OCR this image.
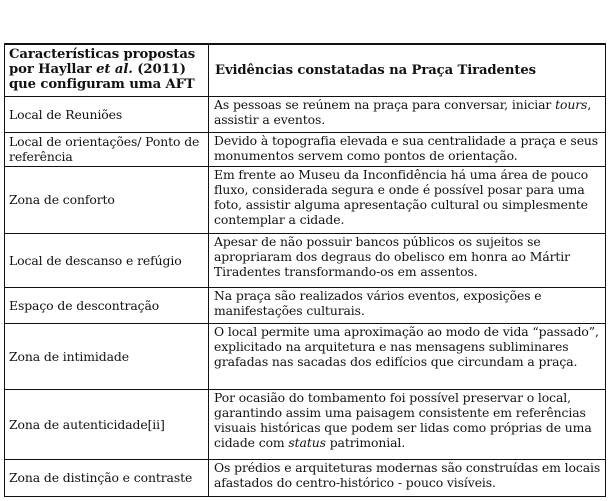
Características propostas
por Hayllar et al. (2011)
que configuram uma AFT	Evidências constatadas na Praça Tiradentes
Local de Reuniões	As pessoas se reúnem na praça para conversar, iniciar tours, assistir a eventos.
Local de orientações/ Ponto de referência	Devido à topografia elevada e sua centralidade a praça e seus monumentos servem como pontos de orientação.
Zona de conforto	Em frente ao Museu da Inconfidência há uma área de pouco fluxo, considerada segura e onde é possível posar para uma foto, assistir alguma apresentação cultural ou simplesmente contemplar a cidade.
Local de descanso e refúgio	Apesar de não possuir bancos públicos os sujeitos se apropriaram dos degraus do obelisco em honra ao Mártir Tiradentes transformando-os em assentos.
Espaço de descontração	Na praça são realizados vários eventos, exposições e manifestações culturais.
Zona de intimidade	O local permite uma aproximação ao modo de vida “passado”, explicitado na arquitetura e nas mensagens subliminares grafadas nas sacadas dos edifícios que circundam a praça.
Zona de autenticidade[ii]	Por ocasião do tombamento foi possível preservar o local, garantindo assim uma paisagem consistente em referências visuais históricas que podem ser lidas como próprias de uma cidade com status patrimonial.
Zona de distinção e contraste	Os prédios e arquiteturas modernas são construídas em locais afastados do centro-histórico - pouco visíveis.
